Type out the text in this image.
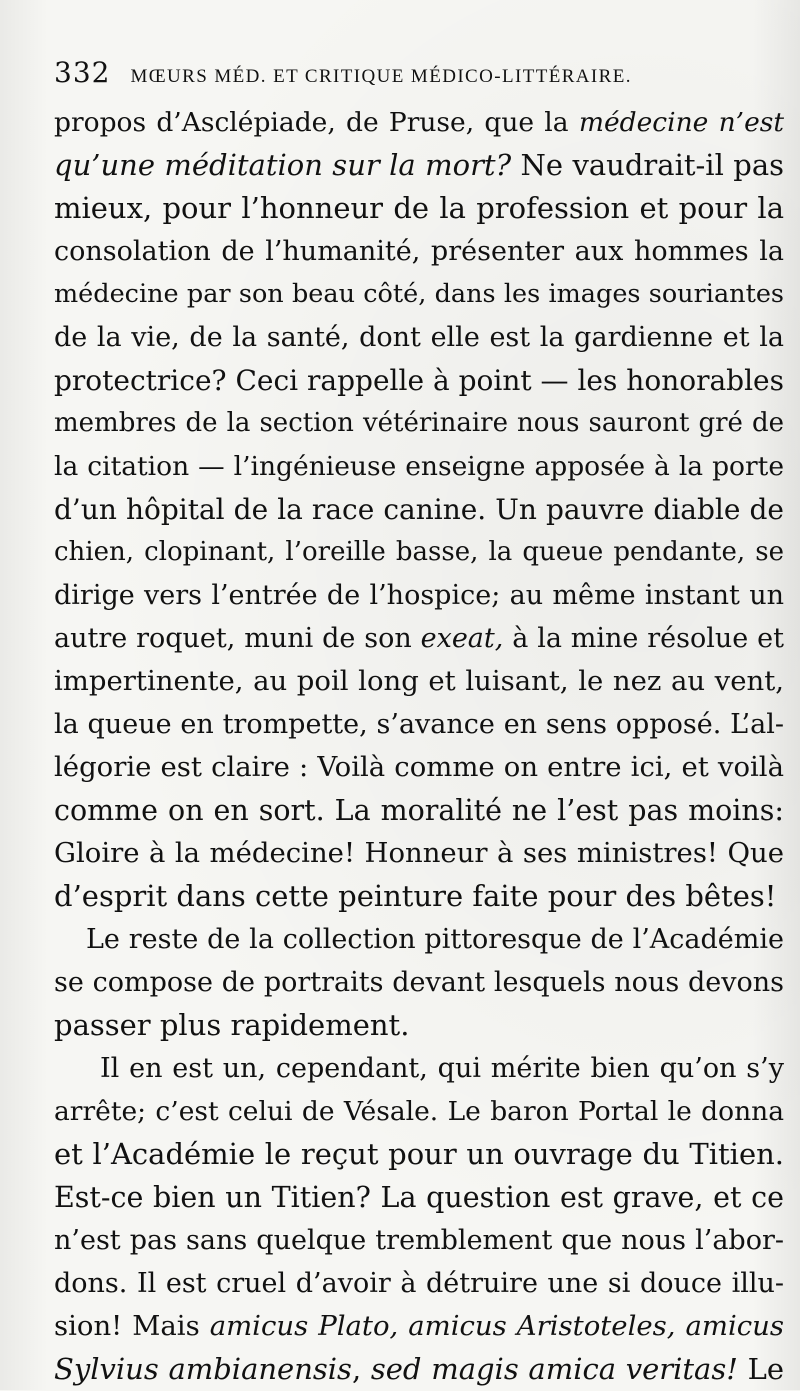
332 MŒURS MÉD. ET CRITIQUE MÉDICO-LITTÉRAIRE.
propos d’Asclépiade, de Pruse, que la médecine n’est
qu’une méditation sur la mort? Ne vaudrait-il pas
mieux, pour l’honneur de la profession et pour la
consolation de l’humanité, présenter aux hommes la
médecine par son beau côté, dans les images souriantes
de la vie, de la santé, dont elle est la gardienne et la
protectrice? Ceci rappelle à point — les honorables
membres de la section vétérinaire nous sauront gré de
la citation — l’ingénieuse enseigne apposée à la porte
d’un hôpital de la race canine. Un pauvre diable de
chien, clopinant, l’oreille basse, la queue pendante, se
dirige vers l’entrée de l’hospice; au même instant un
autre roquet, muni de son exeat, à la mine résolue et
impertinente, au poil long et luisant, le nez au vent,
la queue en trompette, s’avance en sens opposé. L’al-
légorie est claire : Voilà comme on entre ici, et voilà
comme on en sort. La moralité ne l’est pas moins:
Gloire à la médecine! Honneur à ses ministres! Que
d’esprit dans cette peinture faite pour des bêtes!
Le reste de la collection pittoresque de l’Académie
se compose de portraits devant lesquels nous devons
passer plus rapidement.
Il en est un, cependant, qui mérite bien qu’on s’y
arrête; c’est celui de Vésale. Le baron Portal le donna
et l’Académie le reçut pour un ouvrage du Titien.
Est-ce bien un Titien? La question est grave, et ce
n’est pas sans quelque tremblement que nous l’abor-
dons. Il est cruel d’avoir à détruire une si douce illu-
sion! Mais amicus Plato, amicus Aristoteles, amicus
Sylvius ambianensis, sed magis amica veritas! Le
